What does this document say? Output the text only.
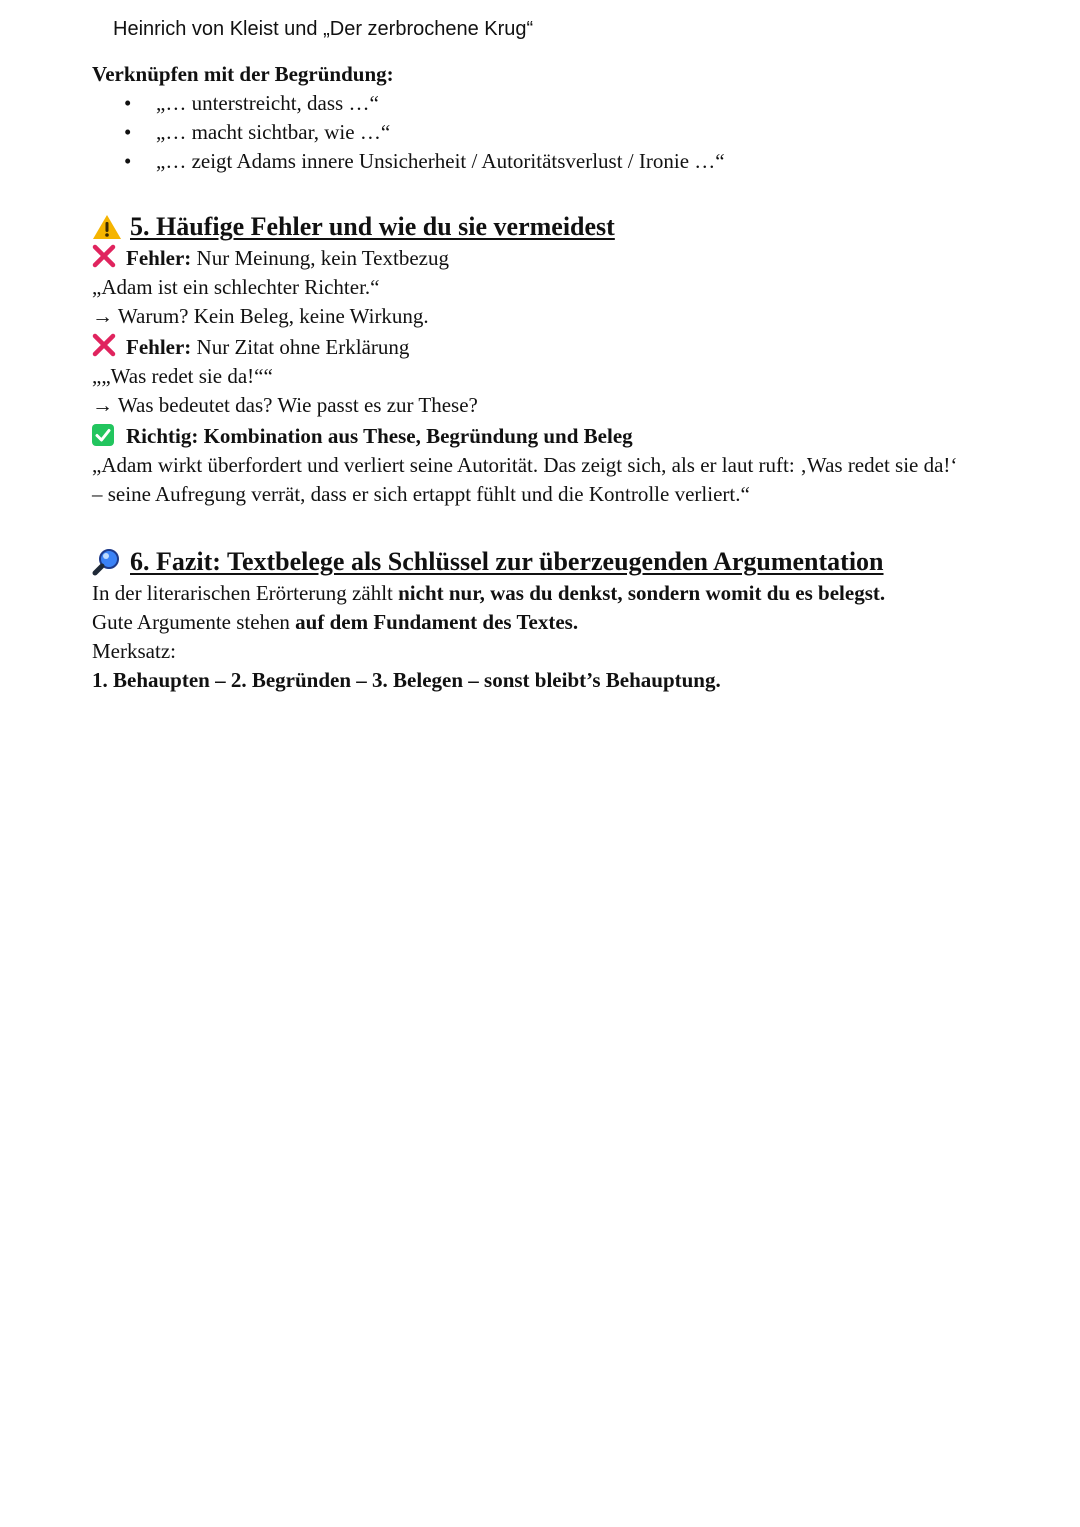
Heinrich von Kleist und „Der zerbrochene Krug“

Verknüpfen mit der Begründung:

• „… unterstreicht, dass …“
• „… macht sichtbar, wie …“
• „… zeigt Adams innere Unsicherheit / Autoritätsverlust / Ironie …“
5. Häufige Fehler und wie du sie vermeidest

Fehler: Nur Meinung, kein Textbezug

„Adam ist ein schlechter Richter.“

→ Warum? Kein Beleg, keine Wirkung.

Fehler: Nur Zitat ohne Erklärung

„„Was redet sie da!““

→ Was bedeutet das? Wie passt es zur These?

Richtig: Kombination aus These, Begründung und Beleg

„Adam wirkt überfordert und verliert seine Autorität. Das zeigt sich, als er laut ruft: ‚Was redet sie da!‘

– seine Aufregung verrät, dass er sich ertappt fühlt und die Kontrolle verliert.“

6. Fazit: Textbelege als Schlüssel zur überzeugenden Argumentation

In der literarischen Erörterung zählt nicht nur, was du denkst, sondern womit du es belegst.

Gute Argumente stehen auf dem Fundament des Textes.

Merksatz:

1. Behaupten – 2. Begründen – 3. Belegen – sonst bleibt’s Behauptung.
